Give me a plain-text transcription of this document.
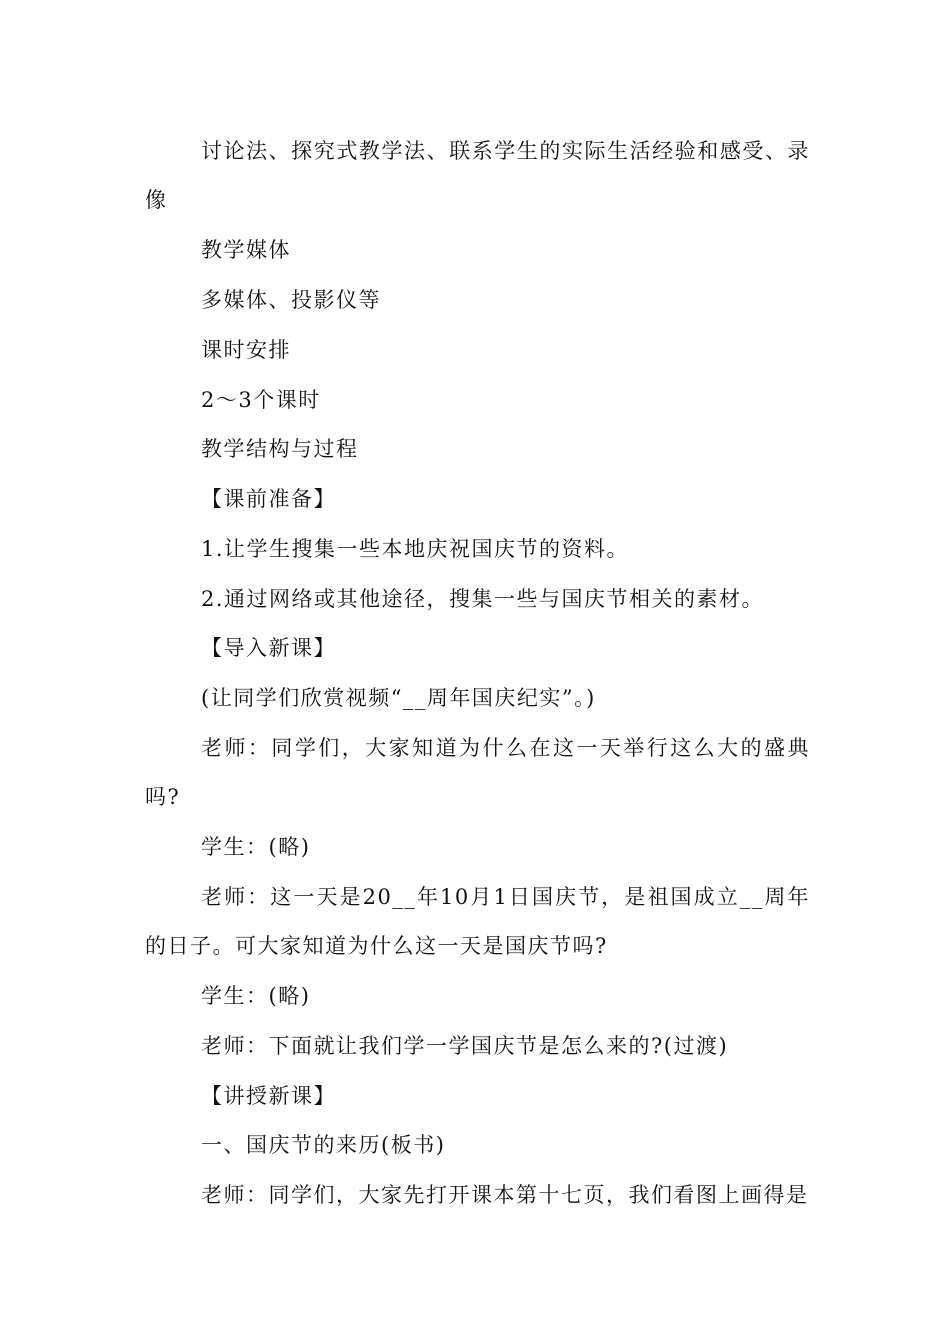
讨论法、探究式教学法、联系学生的实际生活经验和感受、录像
教学媒体
多媒体、投影仪等
课时安排
2～3个课时
教学结构与过程
【课前准备】
1.让学生搜集一些本地庆祝国庆节的资料。
2.通过网络或其他途径，搜集一些与国庆节相关的素材。
【导入新课】
(让同学们欣赏视频“__周年国庆纪实”。)
老师：同学们，大家知道为什么在这一天举行这么大的盛典吗?
学生：(略)
老师：这一天是20__年10月1日国庆节，是祖国成立__周年的日子。可大家知道为什么这一天是国庆节吗?
学生：(略)
老师：下面就让我们学一学国庆节是怎么来的?(过渡)
【讲授新课】
一、国庆节的来历(板书)
老师：同学们，大家先打开课本第十七页，我们看图上画得是
